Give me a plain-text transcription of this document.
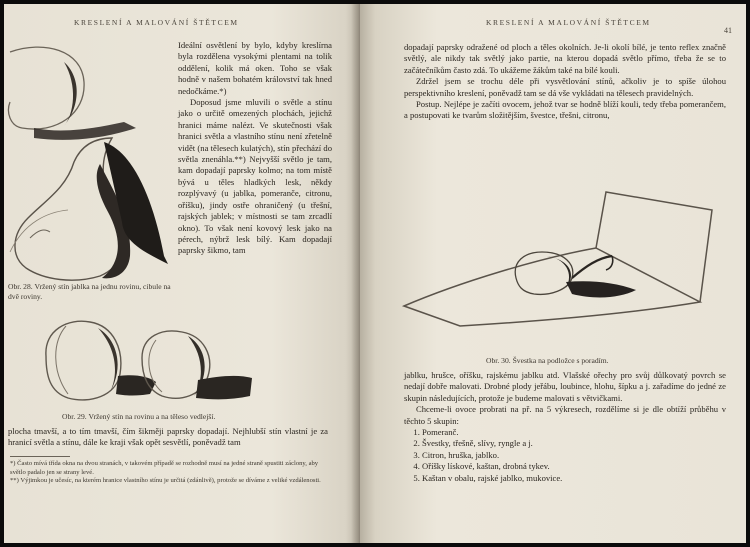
KRESLENÍ A MALOVÁNÍ ŠTĚTCEM
Obr. 28. Vržený stín jablka na jednu rovinu, cibule na dvě roviny.

Ideální osvětlení by bylo, kdyby kreslírna byla rozdělena vysokými plentami na tolik oddělení, kolik má oken. Toho se však hodně v našem bohatém království tak hned nedočkáme.*)

Doposud jsme mluvili o světle a stínu jako o určitě omezených plochách, jejichž hranici máme nalézt. Ve skutečnosti však hranici světla a vlastního stínu není zřetelně vidět (na tělesech kulatých), stín přechází do světla znenáhla.**) Nejvyšší světlo je tam, kam dopadají paprsky kolmo; na tom místě bývá u těles hladkých lesk, někdy rozplývavý (u jablka, pomeranče, citronu, oříšku), jindy ostře ohraničený (u třešní, rajských jablek; v místnosti se tam zrcadlí okno). To však není kovový lesk jako na pérech, nýbrž lesk bílý. Kam dopadají paprsky šikmo, tam

Obr. 29. Vržený stín na rovinu a na těleso vedlejší.

plocha tmavší, a to tím tmavší, čím šikměji paprsky dopadají. Nejhlubší stín vlastní je za hranicí světla a stínu, dále ke kraji však opět sesvětlí, poněvadž tam

*) Často mívá třída okna na dvou stranách, v takovém případě se rozhodně musí na jedné straně spustiti záclony, aby světlo padalo jen se strany levé.
**) Výjimkou je učesíc, na kterém hranice vlastního stínu je určitá (zdánlivě), protože se díváme z veliké vzdálenosti.
KRESLENÍ A MALOVÁNÍ ŠTĚTCEM
41

dopadají paprsky odražené od ploch a těles okolních. Je-li okolí bílé, je tento reflex značně světlý, ale nikdy tak světlý jako partie, na kterou dopadá světlo přímo, třeba že se to začátečníkům často zdá. To ukážeme žákům také na bílé kouli.

Zdržel jsem se trochu déle při vysvětlování stínů, ačkoliv je to spíše úlohou perspektivního kreslení, poněvadž tam se dá vše vykládati na tělesech pravidelných.

Postup. Nejlépe je začíti ovocem, jehož tvar se hodně blíží kouli, tedy třeba pomerančem, a postupovati ke tvarům složitějším, švestce, třešni, citronu,

Obr. 30. Švestka na podložce s poradím.

jablku, hrušce, oříšku, rajskému jablku atd. Vlašské ořechy pro svůj důlkovatý povrch se nedají dobře malovati. Drobné plody jeřábu, loubince, hlohu, šípku a j. zařadíme do jedné ze skupin následujících, protože je budeme malovati s větvičkami.

Chceme-li ovoce probrati na př. na 5 výkresech, rozdělíme si je dle obtíží průběhu v těchto 5 skupin:

1. Pomeranč.
2. Švestky, třešně, slívy, ryngle a j.
3. Citron, hruška, jablko.
4. Oříšky lískové, kaštan, drobná tykev.
5. Kaštan v obalu, rajské jablko, mukovice.
